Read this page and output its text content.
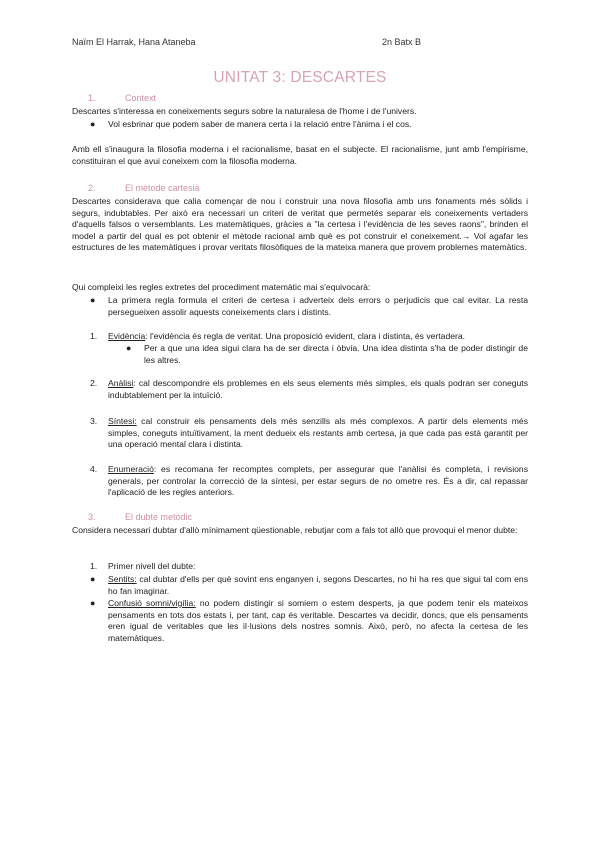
Naïm El Harrak, Hana Ataneba	2n Batx B
UNITAT 3: DESCARTES
1.	Context
Descartes s'interessa en coneixements segurs sobre la naturalesa de l'home i de l'univers.
● Vol esbrinar que podem saber de manera certa i la relació entre l'ànima i el cos.
Amb ell s'inaugura la filosofia moderna i el racionalisme, basat en el subjecte. El racionalisme, junt amb l'empirisme, constituiran el que avui coneixem com la filosofia moderna.
2.	El mètode cartesià
Descartes considerava que calia començar de nou i construir una nova filosofia amb uns fonaments més sòlids i segurs, indubtables. Per això era necessari un criteri de veritat que permetés separar els coneixements vertaders d'aquells falsos o versemblants. Les matemàtiques, gràcies a "la certesa i l'evidència de les seves raons", brinden el model a partir del qual es pot obtenir el mètode racional amb què es pot construir el coneixement.→ Vol agafar les estructures de les matemàtiques i provar veritats filosòfiques de la mateixa manera que provem problemes matemàtics.
Qui compleixi les regles extretes del procediment matemàtic mai s'equivocarà:
● La primera regla formula el criteri de certesa i adverteix dels errors o perjudicis que cal evitar. La resta persegueixen assolir aquests coneixements clars i distints.
1. Evidència: l'evidència és regla de veritat. Una proposició evident, clara i distinta, és vertadera.
● Per a que una idea sigui clara ha de ser directa i òbvia. Una idea distinta s'ha de poder distingir de les altres.
2. Anàlisi: cal descompondre els problemes en els seus elements més simples, els quals podran ser coneguts indubtablement per la intuïció.
3. Síntesi: cal construir els pensaments dels més senzills als més complexos. A partir dels elements més simples, coneguts intuïtivament, la ment dedueix els restants amb certesa, ja que cada pas està garantit per una operació mental clara i distinta.
4. Enumeració: es recomana fer recomptes complets, per assegurar que l'anàlisi és completa, i revisions generals, per controlar la correcció de la síntesi, per estar segurs de no ometre res. És a dir, cal repassar l'aplicació de les regles anteriors.
3.	El dubte metòdic
Considera necessari dubtar d'allò mínimament qüestionable, rebutjar com a fals tot allò que provoqui el menor dubte:
1. Primer nivell del dubte:
● Sentits: cal dubtar d'ells per què sovint ens enganyen i, segons Descartes, no hi ha res que sigui tal com ens ho fan imaginar.
● Confusió somni/vigília: no podem distingir si somiem o estem desperts, ja que podem tenir els mateixos pensaments en tots dos estats i, per tant, cap és veritable. Descartes va decidir, doncs, que els pensaments eren igual de veritables que les il·lusions dels nostres somnis. Això, però, no afecta la certesa de les matemàtiques.
